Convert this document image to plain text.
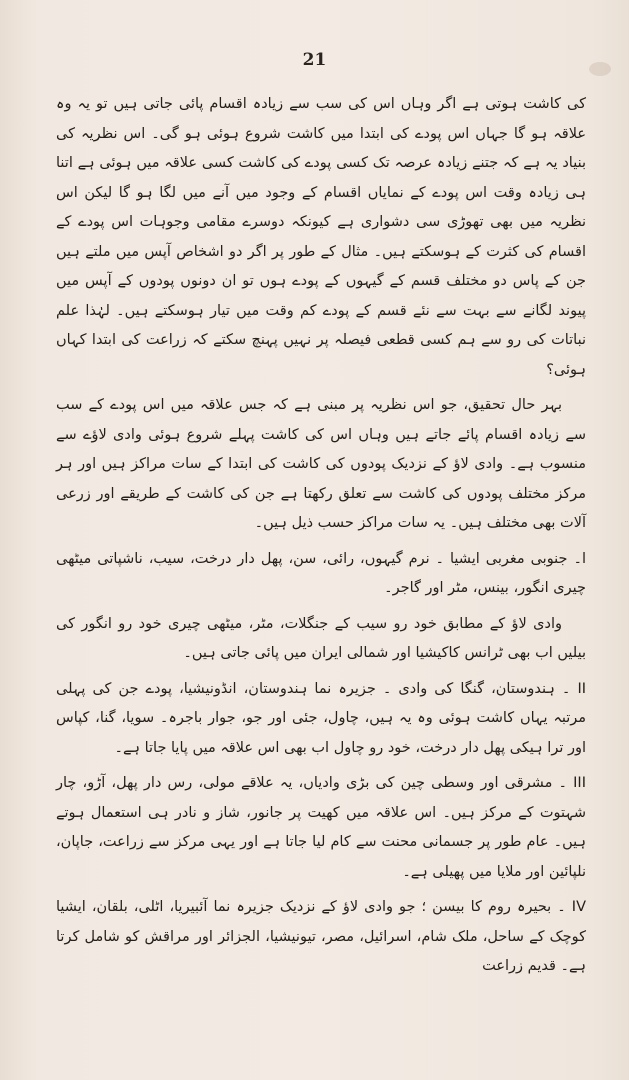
21

کی کاشت ہوتی ہے اگر وہاں اس کی سب سے زیادہ اقسام پائی جاتی ہیں تو یہ وہ علاقہ ہو گا جہاں اس پودے کی ابتدا میں کاشت شروع ہوئی ہو گی۔ اس نظریہ کی بنیاد یہ ہے کہ جتنے زیادہ عرصہ تک کسی پودے کی کاشت کسی علاقہ میں ہوئی ہے اتنا ہی زیادہ وقت اس پودے کے نمایاں اقسام کے وجود میں آنے میں لگا ہو گا لیکن اس نظریہ میں بھی تھوڑی سی دشواری ہے کیونکہ دوسرے مقامی وجوہات اس پودے کے اقسام کی کثرت کے ہوسکتے ہیں۔ مثال کے طور پر اگر دو اشخاص آپس میں ملتے ہیں جن کے پاس دو مختلف قسم کے گیہوں کے پودے ہوں تو ان دونوں پودوں کے آپس میں پیوند لگانے سے بہت سے نئے قسم کے پودے کم وقت میں تیار ہوسکتے ہیں۔ لہٰذا علم نباتات کی رو سے ہم کسی قطعی فیصلہ پر نہیں پہنچ سکتے کہ زراعت کی ابتدا کہاں ہوئی؟

بہر حال تحقیق، جو اس نظریہ پر مبنی ہے کہ جس علاقہ میں اس پودے کے سب سے زیادہ اقسام پائے جاتے ہیں وہاں اس کی کاشت پہلے شروع ہوئی وادی لاؤے سے منسوب ہے۔ وادی لاؤ کے نزدیک پودوں کی کاشت کی ابتدا کے سات مراکز ہیں اور ہر مرکز مختلف پودوں کی کاشت سے تعلق رکھتا ہے جن کی کاشت کے طریقے اور زرعی آلات بھی مختلف ہیں۔ یہ سات مراکز حسب ذیل ہیں۔

ا۔ جنوبی مغربی ایشیا ۔ نرم گیہوں، رائی، سن، پھل دار درخت، سیب، ناشپاتی میٹھی چیری انگور، بینس، مٹر اور گاجر۔

وادی لاؤ کے مطابق خود رو سیب کے جنگلات، مٹر، میٹھی چیری خود رو انگور کی بیلیں اب بھی ٹرانس کاکیشیا اور شمالی ایران میں پائی جاتی ہیں۔

II ۔ ہندوستان، گنگا کی وادی ۔ جزیرہ نما ہندوستان، انڈونیشیا، پودے جن کی پہلی مرتبہ یہاں کاشت ہوئی وہ یہ ہیں، چاول، جئی اور جو، جوار باجرہ۔ سویا، گنا، کپاس اور ترا ہیکی پھل دار درخت، خود رو چاول اب بھی اس علاقہ میں پایا جاتا ہے۔

III ۔ مشرقی اور وسطی چین کی بڑی وادیاں، یہ علاقے مولی، رس دار پھل، آڑو، چار شہتوت کے مرکز ہیں۔ اس علاقہ میں کھیت پر جانور، شاز و نادر ہی استعمال ہوتے ہیں۔ عام طور پر جسمانی محنت سے کام لیا جاتا ہے اور یہی مرکز سے زراعت، جاپان، نلپائین اور ملایا میں پھیلی ہے۔

IV ۔ بحیرہ روم کا بیسن ؛ جو وادی لاؤ کے نزدیک جزیرہ نما آئبیریا، اٹلی، بلقان، ایشیا کوچک کے ساحل، ملک شام، اسرائیل، مصر، تیونیشیا، الجزائر اور مراقش کو شامل کرتا ہے۔ قدیم زراعت
